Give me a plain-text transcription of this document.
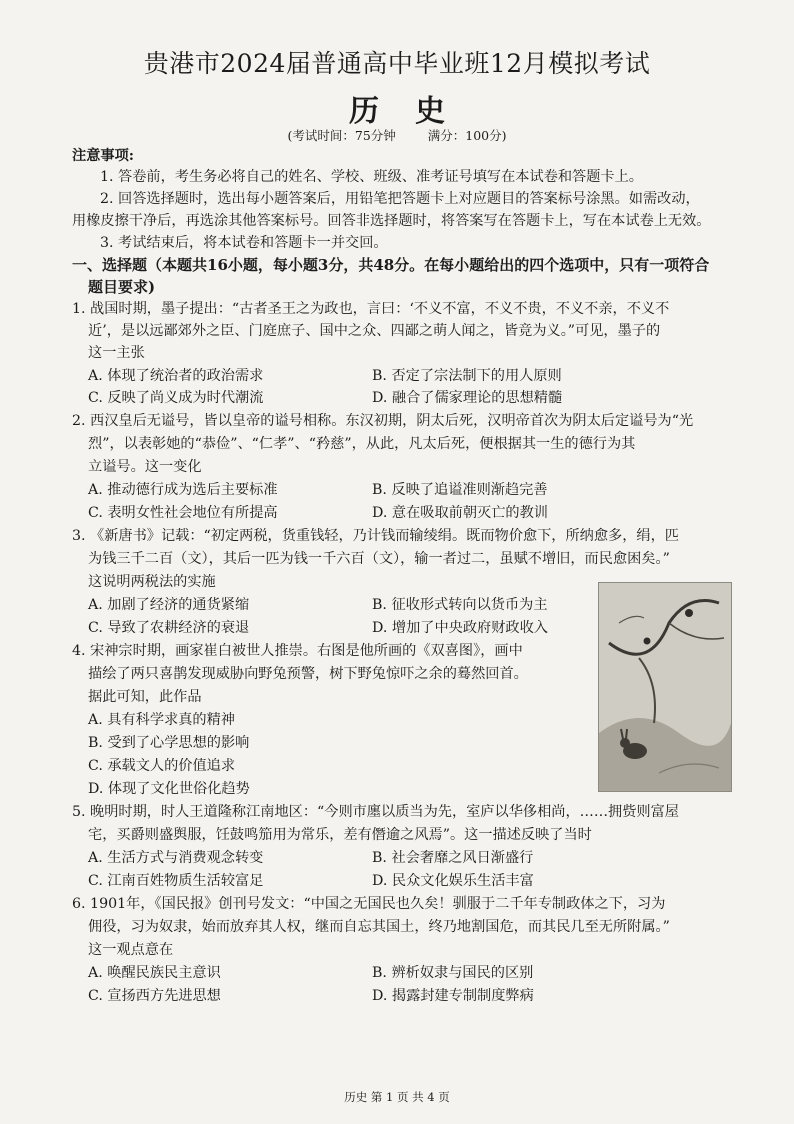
贵港市2024届普通高中毕业班12月模拟考试
历史
(考试时间：75分钟	满分：100分)
注意事项:
1. 答卷前，考生务必将自己的姓名、学校、班级、准考证号填写在本试卷和答题卡上。
2. 回答选择题时，选出每小题答案后，用铅笔把答题卡上对应题目的答案标号涂黑。如需改动，
用橡皮擦干净后，再选涂其他答案标号。回答非选择题时，将答案写在答题卡上，写在本试卷上无效。
3. 考试结束后，将本试卷和答题卡一并交回。
一、选择题（本题共16小题，每小题3分，共48分。在每小题给出的四个选项中，只有一项符合
题目要求)
1. 战国时期，墨子提出：“古者圣王之为政也，言曰：‘不义不富，不义不贵，不义不亲，不义不
近’，是以远鄙郊外之臣、门庭庶子、国中之众、四鄙之萌人闻之，皆竞为义。”可见，墨子的
这一主张
A. 体现了统治者的政治需求	B. 否定了宗法制下的用人原则
C. 反映了尚义成为时代潮流	D. 融合了儒家理论的思想精髓
2. 西汉皇后无谥号，皆以皇帝的谥号相称。东汉初期，阴太后死，汉明帝首次为阴太后定谥号为“光
烈”，以表彰她的“恭俭”、“仁孝”、“矜慈”，从此，凡太后死，便根据其一生的德行为其
立谥号。这一变化
A. 推动德行成为选后主要标准	B. 反映了追谥准则渐趋完善
C. 表明女性社会地位有所提高	D. 意在吸取前朝灭亡的教训
3. 《新唐书》记载：“初定两税，货重钱轻，乃计钱而输绫绢。既而物价愈下，所纳愈多，绢，匹
为钱三千二百（文），其后一匹为钱一千六百（文），输一者过二，虽赋不增旧，而民愈困矣。”
这说明两税法的实施
A. 加剧了经济的通货紧缩	B. 征收形式转向以货币为主
C. 导致了农耕经济的衰退	D. 增加了中央政府财政收入
4. 宋神宗时期，画家崔白被世人推崇。右图是他所画的《双喜图》，画中
描绘了两只喜鹊发现威胁向野兔预警，树下野兔惊吓之余的蓦然回首。
据此可知，此作品
A. 具有科学求真的精神
B. 受到了心学思想的影响
C. 承载文人的价值追求
D. 体现了文化世俗化趋势
5. 晚明时期，时人王道隆称江南地区：“今则市廛以质当为先，室庐以华侈相尚，……拥赀则富屋
宅，买爵则盛舆服，饪鼓鸣笳用为常乐，差有僭逾之风焉”。这一描述反映了当时
A. 生活方式与消费观念转变	B. 社会奢靡之风日渐盛行
C. 江南百姓物质生活较富足	D. 民众文化娱乐生活丰富
6. 1901年，《国民报》创刊号发文：“中国之无国民也久矣！驯服于二千年专制政体之下，习为
佣役，习为奴隶，始而放弃其人权，继而自忘其国土，终乃地割国危，而其民几至无所附属。”
这一观点意在
A. 唤醒民族民主意识	B. 辨析奴隶与国民的区别
C. 宣扬西方先进思想	D. 揭露封建专制制度弊病
历史 第 1 页 共 4 页
